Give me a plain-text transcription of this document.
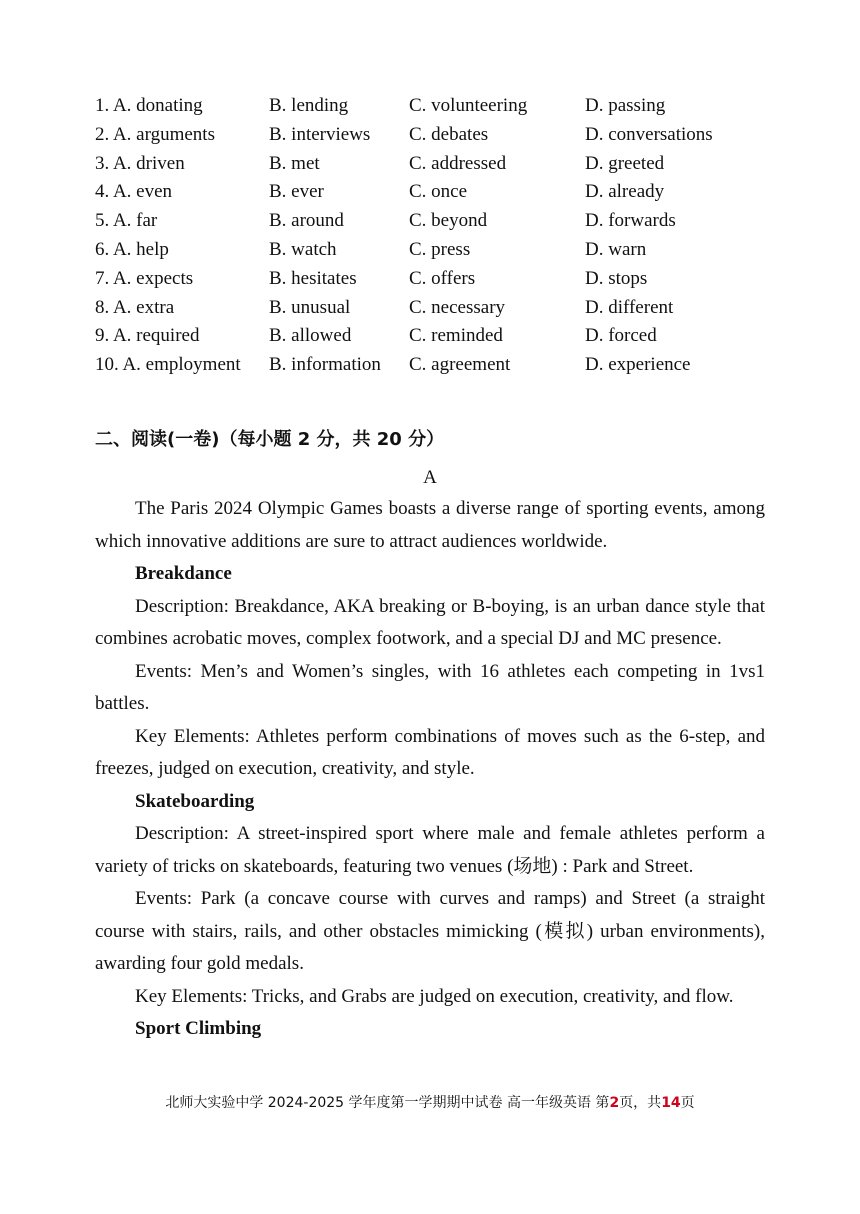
1. A. donating	B. lending	C. volunteering	D. passing
2. A. arguments	B. interviews C. debates	D. conversations
3. A. driven	B. met	C. addressed	D. greeted
4. A. even	B. ever	C. once	D. already
5. A. far	B. around	C. beyond	D. forwards
6. A. help	B. watch	C. press	D. warn
7. A. expects	B. hesitates	C. offers	D. stops
8. A. extra	B. unusual	C. necessary	D. different
9. A. required	B. allowed	C. reminded	D. forced
10. A. employment B. information C. agreement	D. experience
二、阅读(一卷)（每小题 2 分，共 20 分）
A

The Paris 2024 Olympic Games boasts a diverse range of sporting events, among which innovative additions are sure to attract audiences worldwide.

Breakdance

Description: Breakdance, AKA breaking or B-boying, is an urban dance style that combines acrobatic moves, complex footwork, and a special DJ and MC presence.

Events: Men’s and Women’s singles, with 16 athletes each competing in 1vs1 battles.

Key Elements: Athletes perform combinations of moves such as the 6-step, and freezes, judged on execution, creativity, and style.

Skateboarding

Description: A street-inspired sport where male and female athletes perform a variety of tricks on skateboards, featuring two venues (场地) : Park and Street.

Events: Park (a concave course with curves and ramps) and Street (a straight course with stairs, rails, and other obstacles mimicking (模拟) urban environments), awarding four gold medals.

Key Elements: Tricks, and Grabs are judged on execution, creativity, and flow.

Sport Climbing

北师大实验中学 2024-2025 学年度第一学期期中试卷 高一年级英语 第2页，共14页
